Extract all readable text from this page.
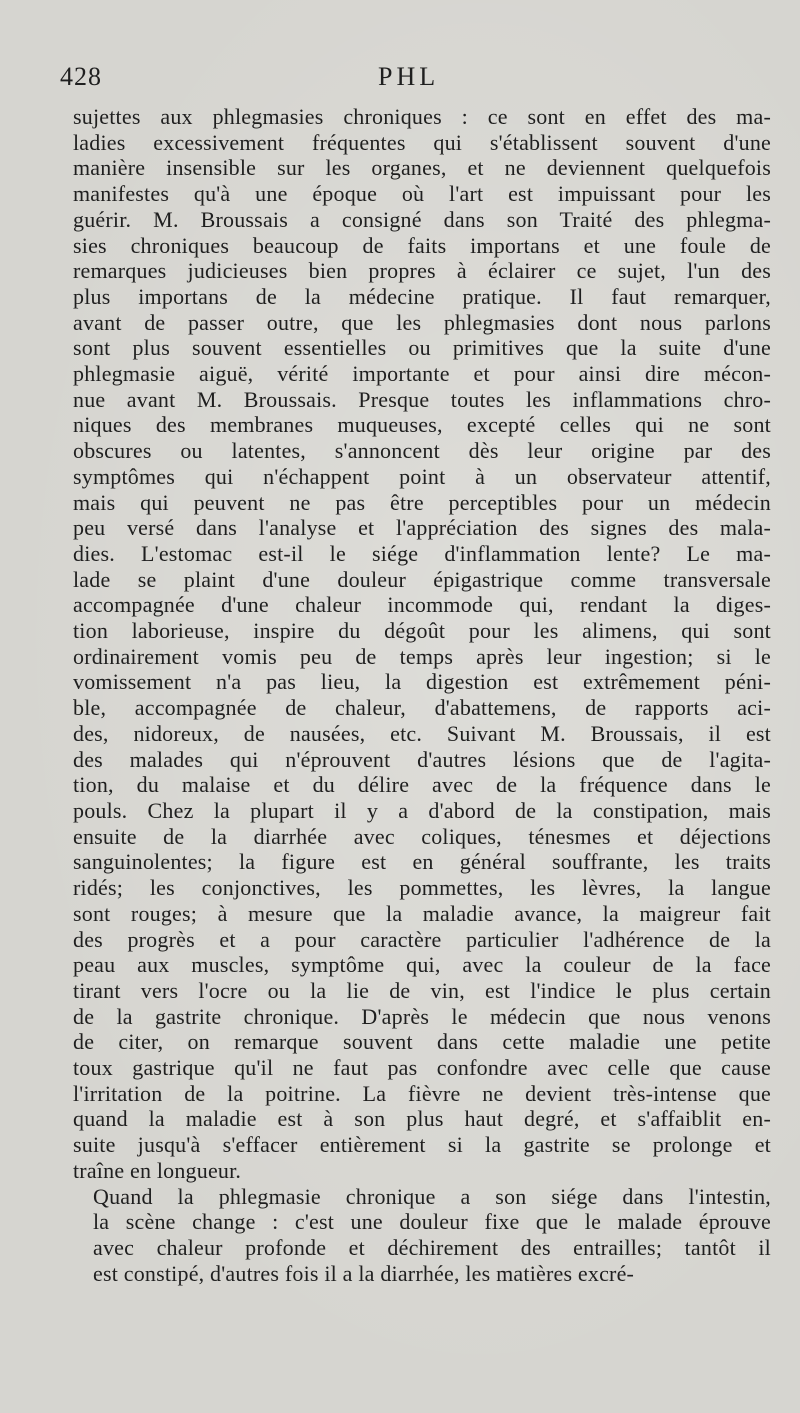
428	PHL

sujettes aux phlegmasies chroniques : ce sont en effet des ma-
ladies excessivement fréquentes qui s'établissent souvent d'une
manière insensible sur les organes, et ne deviennent quelquefois
manifestes qu'à une époque où l'art est impuissant pour les
guérir. M. Broussais a consigné dans son Traité des phlegma-
sies chroniques beaucoup de faits importans et une foule de
remarques judicieuses bien propres à éclairer ce sujet, l'un des
plus importans de la médecine pratique. Il faut remarquer,
avant de passer outre, que les phlegmasies dont nous parlons
sont plus souvent essentielles ou primitives que la suite d'une
phlegmasie aiguë, vérité importante et pour ainsi dire mécon-
nue avant M. Broussais. Presque toutes les inflammations chro-
niques des membranes muqueuses, excepté celles qui ne sont
obscures ou latentes, s'annoncent dès leur origine par des
symptômes qui n'échappent point à un observateur attentif,
mais qui peuvent ne pas être perceptibles pour un médecin
peu versé dans l'analyse et l'appréciation des signes des mala-
dies. L'estomac est-il le siége d'inflammation lente? Le ma-
lade se plaint d'une douleur épigastrique comme transversale
accompagnée d'une chaleur incommode qui, rendant la diges-
tion laborieuse, inspire du dégoût pour les alimens, qui sont
ordinairement vomis peu de temps après leur ingestion; si le
vomissement n'a pas lieu, la digestion est extrêmement péni-
ble, accompagnée de chaleur, d'abattemens, de rapports aci-
des, nidoreux, de nausées, etc. Suivant M. Broussais, il est
des malades qui n'éprouvent d'autres lésions que de l'agita-
tion, du malaise et du délire avec de la fréquence dans le
pouls. Chez la plupart il y a d'abord de la constipation, mais
ensuite de la diarrhée avec coliques, ténesmes et déjections
sanguinolentes; la figure est en général souffrante, les traits
ridés; les conjonctives, les pommettes, les lèvres, la langue
sont rouges; à mesure que la maladie avance, la maigreur fait
des progrès et a pour caractère particulier l'adhérence de la
peau aux muscles, symptôme qui, avec la couleur de la face
tirant vers l'ocre ou la lie de vin, est l'indice le plus certain
de la gastrite chronique. D'après le médecin que nous venons
de citer, on remarque souvent dans cette maladie une petite
toux gastrique qu'il ne faut pas confondre avec celle que cause
l'irritation de la poitrine. La fièvre ne devient très-intense que
quand la maladie est à son plus haut degré, et s'affaiblit en-
suite jusqu'à s'effacer entièrement si la gastrite se prolonge et
traîne en longueur.

Quand la phlegmasie chronique a son siége dans l'intestin,
la scène change : c'est une douleur fixe que le malade éprouve
avec chaleur profonde et déchirement des entrailles; tantôt il
est constipé, d'autres fois il a la diarrhée, les matières excré-
